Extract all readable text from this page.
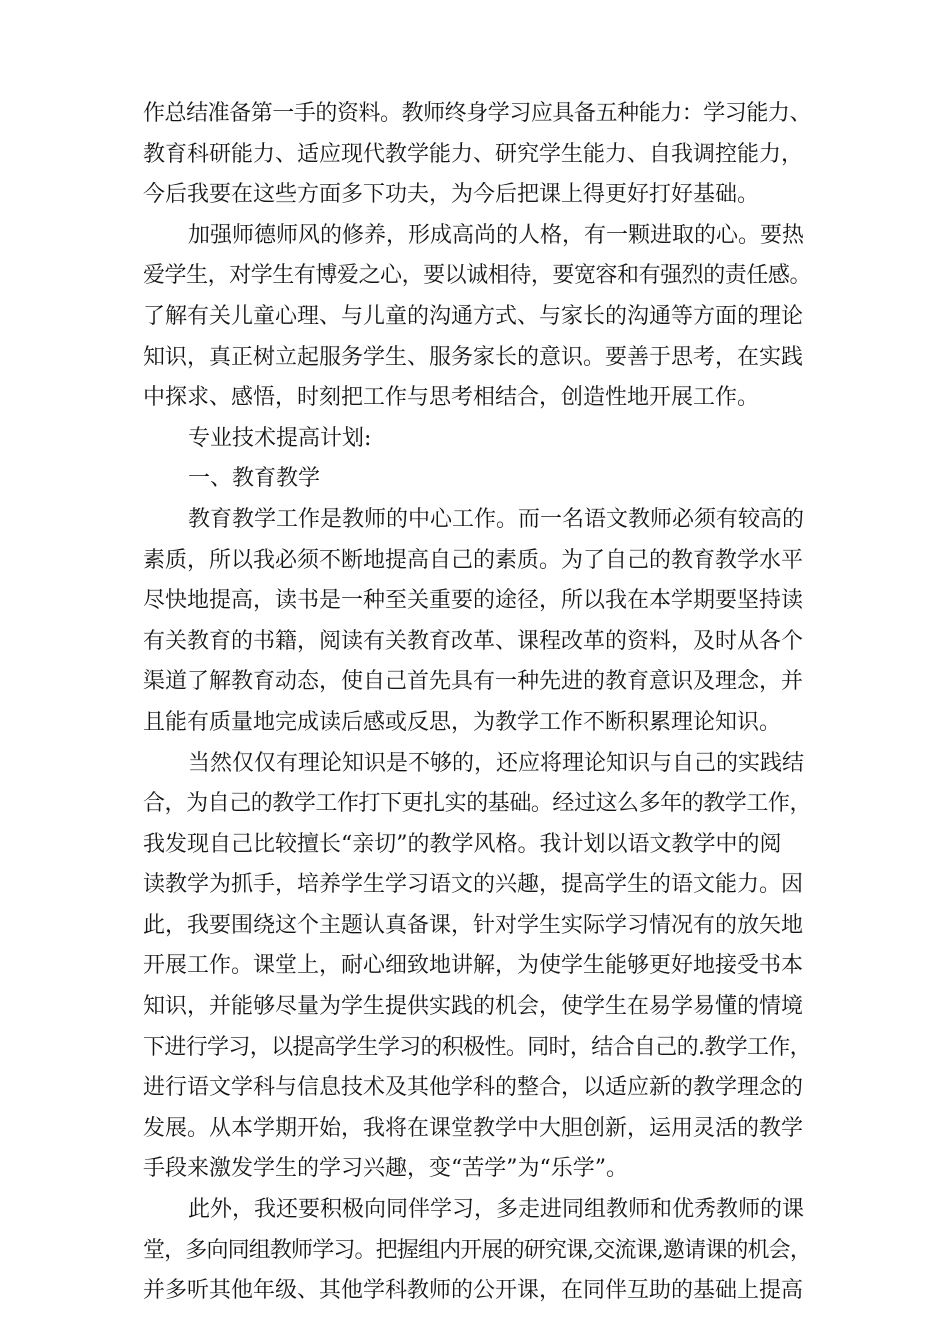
作总结准备第一手的资料。教师终身学习应具备五种能力：学习能力、
教育科研能力、适应现代教学能力、研究学生能力、自我调控能力，
今后我要在这些方面多下功夫，为今后把课上得更好打好基础。
加强师德师风的修养，形成高尚的人格，有一颗进取的心。要热
爱学生，对学生有博爱之心，要以诚相待，要宽容和有强烈的责任感。
了解有关儿童心理、与儿童的沟通方式、与家长的沟通等方面的理论
知识，真正树立起服务学生、服务家长的意识。要善于思考，在实践
中探求、感悟，时刻把工作与思考相结合，创造性地开展工作。
专业技术提高计划:
一、教育教学
教育教学工作是教师的中心工作。而一名语文教师必须有较高的
素质，所以我必须不断地提高自己的素质。为了自己的教育教学水平
尽快地提高，读书是一种至关重要的途径，所以我在本学期要坚持读
有关教育的书籍，阅读有关教育改革、课程改革的资料，及时从各个
渠道了解教育动态，使自己首先具有一种先进的教育意识及理念，并
且能有质量地完成读后感或反思，为教学工作不断积累理论知识。
当然仅仅有理论知识是不够的，还应将理论知识与自己的实践结
合，为自己的教学工作打下更扎实的基础。经过这么多年的教学工作，
我发现自己比较擅长“亲切”的教学风格。我计划以语文教学中的阅
读教学为抓手，培养学生学习语文的兴趣，提高学生的语文能力。因
此，我要围绕这个主题认真备课，针对学生实际学习情况有的放矢地
开展工作。课堂上，耐心细致地讲解，为使学生能够更好地接受书本
知识，并能够尽量为学生提供实践的机会，使学生在易学易懂的情境
下进行学习，以提高学生学习的积极性。同时，结合自己的.教学工作，
进行语文学科与信息技术及其他学科的整合，以适应新的教学理念的
发展。从本学期开始，我将在课堂教学中大胆创新，运用灵活的教学
手段来激发学生的学习兴趣，变“苦学”为“乐学”。
此外，我还要积极向同伴学习，多走进同组教师和优秀教师的课
堂，多向同组教师学习。把握组内开展的研究课,交流课,邀请课的机会，
并多听其他年级、其他学科教师的公开课，在同伴互助的基础上提高
